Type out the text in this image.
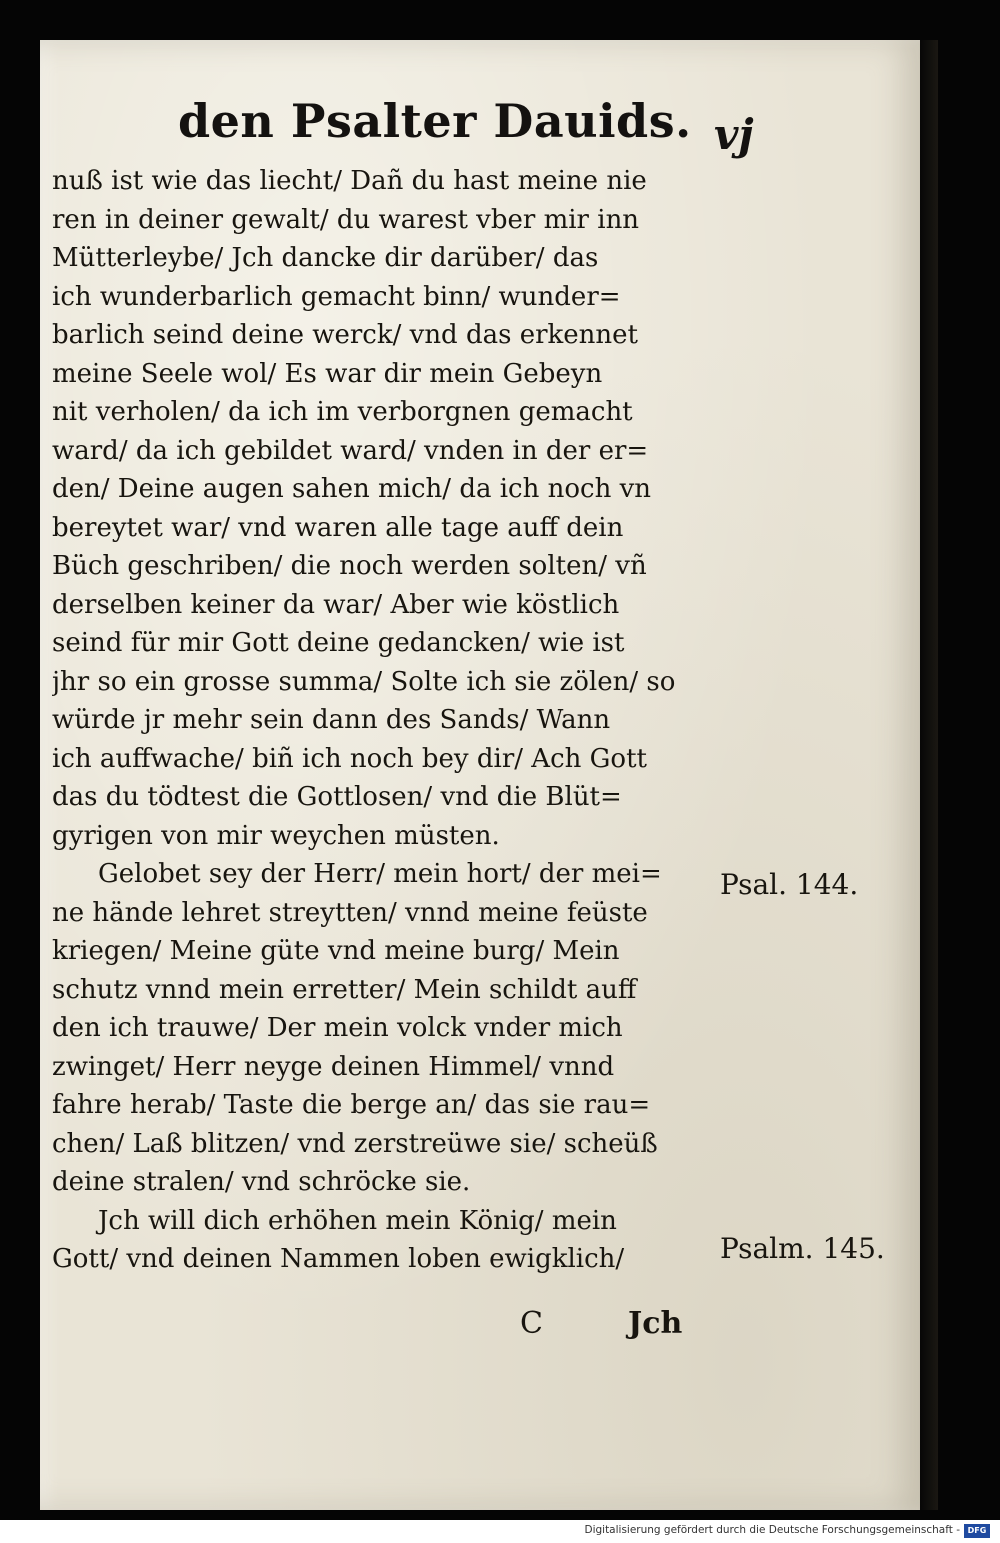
den Psalter Dauids. vj
nuß ist wie das liecht/ Dañ du hast meine nie
ren in deiner gewalt/ du warest vber mir inn
Mütterleybe/ Jch dancke dir darüber/ das
ich wunderbarlich gemacht binn/ wunder=
barlich seind deine werck/ vnd das erkennet
meine Seele wol/ Es war dir mein Gebeyn
nit verholen/ da ich im verborgnen gemacht
ward/ da ich gebildet ward/ vnden in der er=
den/ Deine augen sahen mich/ da ich noch vn
bereytet war/ vnd waren alle tage auff dein
Büch geschriben/ die noch werden solten/ vñ
derselben keiner da war/ Aber wie köstlich
seind für mir Gott deine gedancken/ wie ist
jhr so ein grosse summa/ Solte ich sie zölen/ so
würde jr mehr sein dann des Sands/ Wann
ich auffwache/ biñ ich noch bey dir/ Ach Gott
das du tödtest die Gottlosen/ vnd die Blüt=
gyrigen von mir weychen müsten.
Gelobet sey der Herr/ mein hort/ der mei=
ne hände lehret streytten/ vnnd meine feüste
kriegen/ Meine güte vnd meine burg/ Mein
schutz vnnd mein erretter/ Mein schildt auff
den ich trauwe/ Der mein volck vnder mich
zwinget/ Herr neyge deinen Himmel/ vnnd
fahre herab/ Taste die berge an/ das sie rau=
chen/ Laß blitzen/ vnd zerstreüwe sie/ scheüß
deine stralen/ vnd schröcke sie.
Jch will dich erhöhen mein König/ mein
Gott/ vnd deinen Nammen loben ewigklich/
Psal. 144.
Psalm. 145.
C	Jch
Digitalisierung gefördert durch die Deutsche Forschungsgemeinschaft - DFG
